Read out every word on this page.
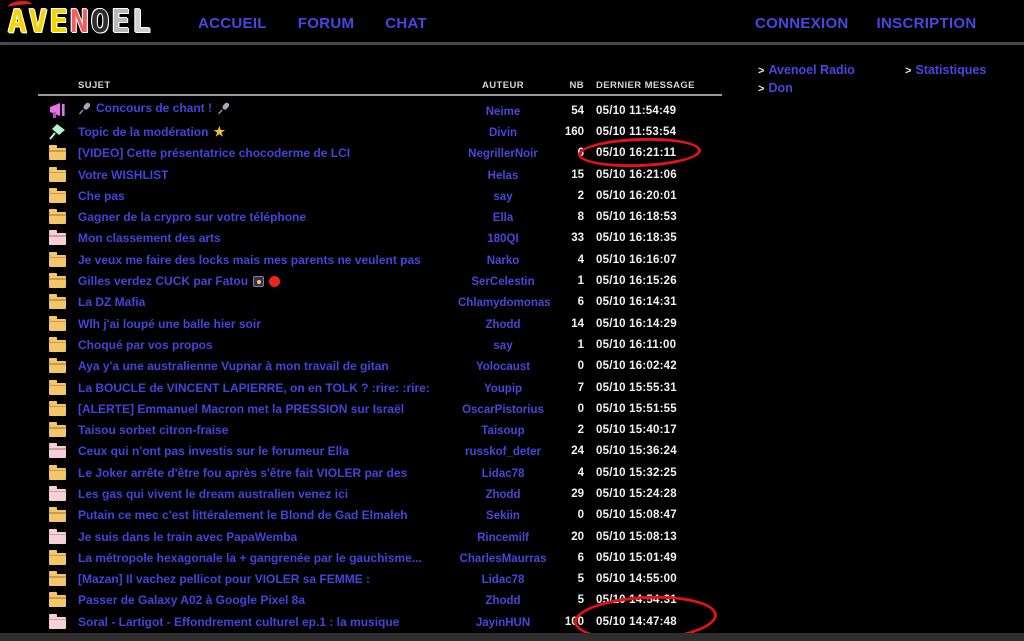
A V E N O E L	ACCUEIL FORUM CHAT	CONNEXION INSCRIPTION
> Avenoel Radio	> Statistiques
> Don
SUJET	AUTEUR	NB DERNIER MESSAGE
Concours de chant !	Neime	54 05/10 11:54:49
Topic de la modération ★	Divin	160 05/10 11:53:54
[VIDEO] Cette présentatrice chocoderme de LCI	NegrillerNoir	6 05/10 16:21:11
Votre WISHLIST	Helas	15 05/10 16:21:06
Che pas	say	2 05/10 16:20:01
Gagner de la crypro sur votre téléphone	Ella	8 05/10 16:18:53
Mon classement des arts	180QI	33 05/10 16:18:35
Je veux me faire des locks mais mes parents ne veulent pas	Narko	4 05/10 16:16:07
Gilles verdez CUCK par Fatou	SerCelestin	1 05/10 16:15:26
La DZ Mafia	Chlamydomonas	6 05/10 16:14:31
Wlh j'ai loupé une balle hier soir	Zhodd	14 05/10 16:14:29
Choqué par vos propos	say	1 05/10 16:11:00
Aya y'a une australienne Vupnar à mon travail de gitan	Yolocaust	0 05/10 16:02:42
La BOUCLE de VINCENT LAPIERRE, on en TOLK ? :rire: :rire:	Youpip	7 05/10 15:55:31
[ALERTE] Emmanuel Macron met la PRESSION sur Israël	OscarPistorius	0 05/10 15:51:55
Taisou sorbet citron-fraise	Taisoup	2 05/10 15:40:17
Ceux qui n'ont pas investis sur le forumeur Ella	russkof_deter	24 05/10 15:36:24
Le Joker arrête d'être fou après s'être fait VIOLER par des	Lidac78	4 05/10 15:32:25
Les gas qui vivent le dream australien venez ici	Zhodd	29 05/10 15:24:28
Putain ce mec c'est littéralement le Blond de Gad Elmaleh	Sekiin	0 05/10 15:08:47
Je suis dans le train avec PapaWemba	Rincemilf	20 05/10 15:08:13
La métropole hexagonale la + gangrenée par le gauchisme...	CharlesMaurras	6 05/10 15:01:49
[Mazan] Il vachez pellicot pour VIOLER sa FEMME :	Lidac78	5 05/10 14:55:00
Passer de Galaxy A02 à Google Pixel 8a	Zhodd	5 05/10 14:54:31
Soral - Lartigot - Effondrement culturel ep.1 : la musique	JayinHUN	100 05/10 14:47:48
